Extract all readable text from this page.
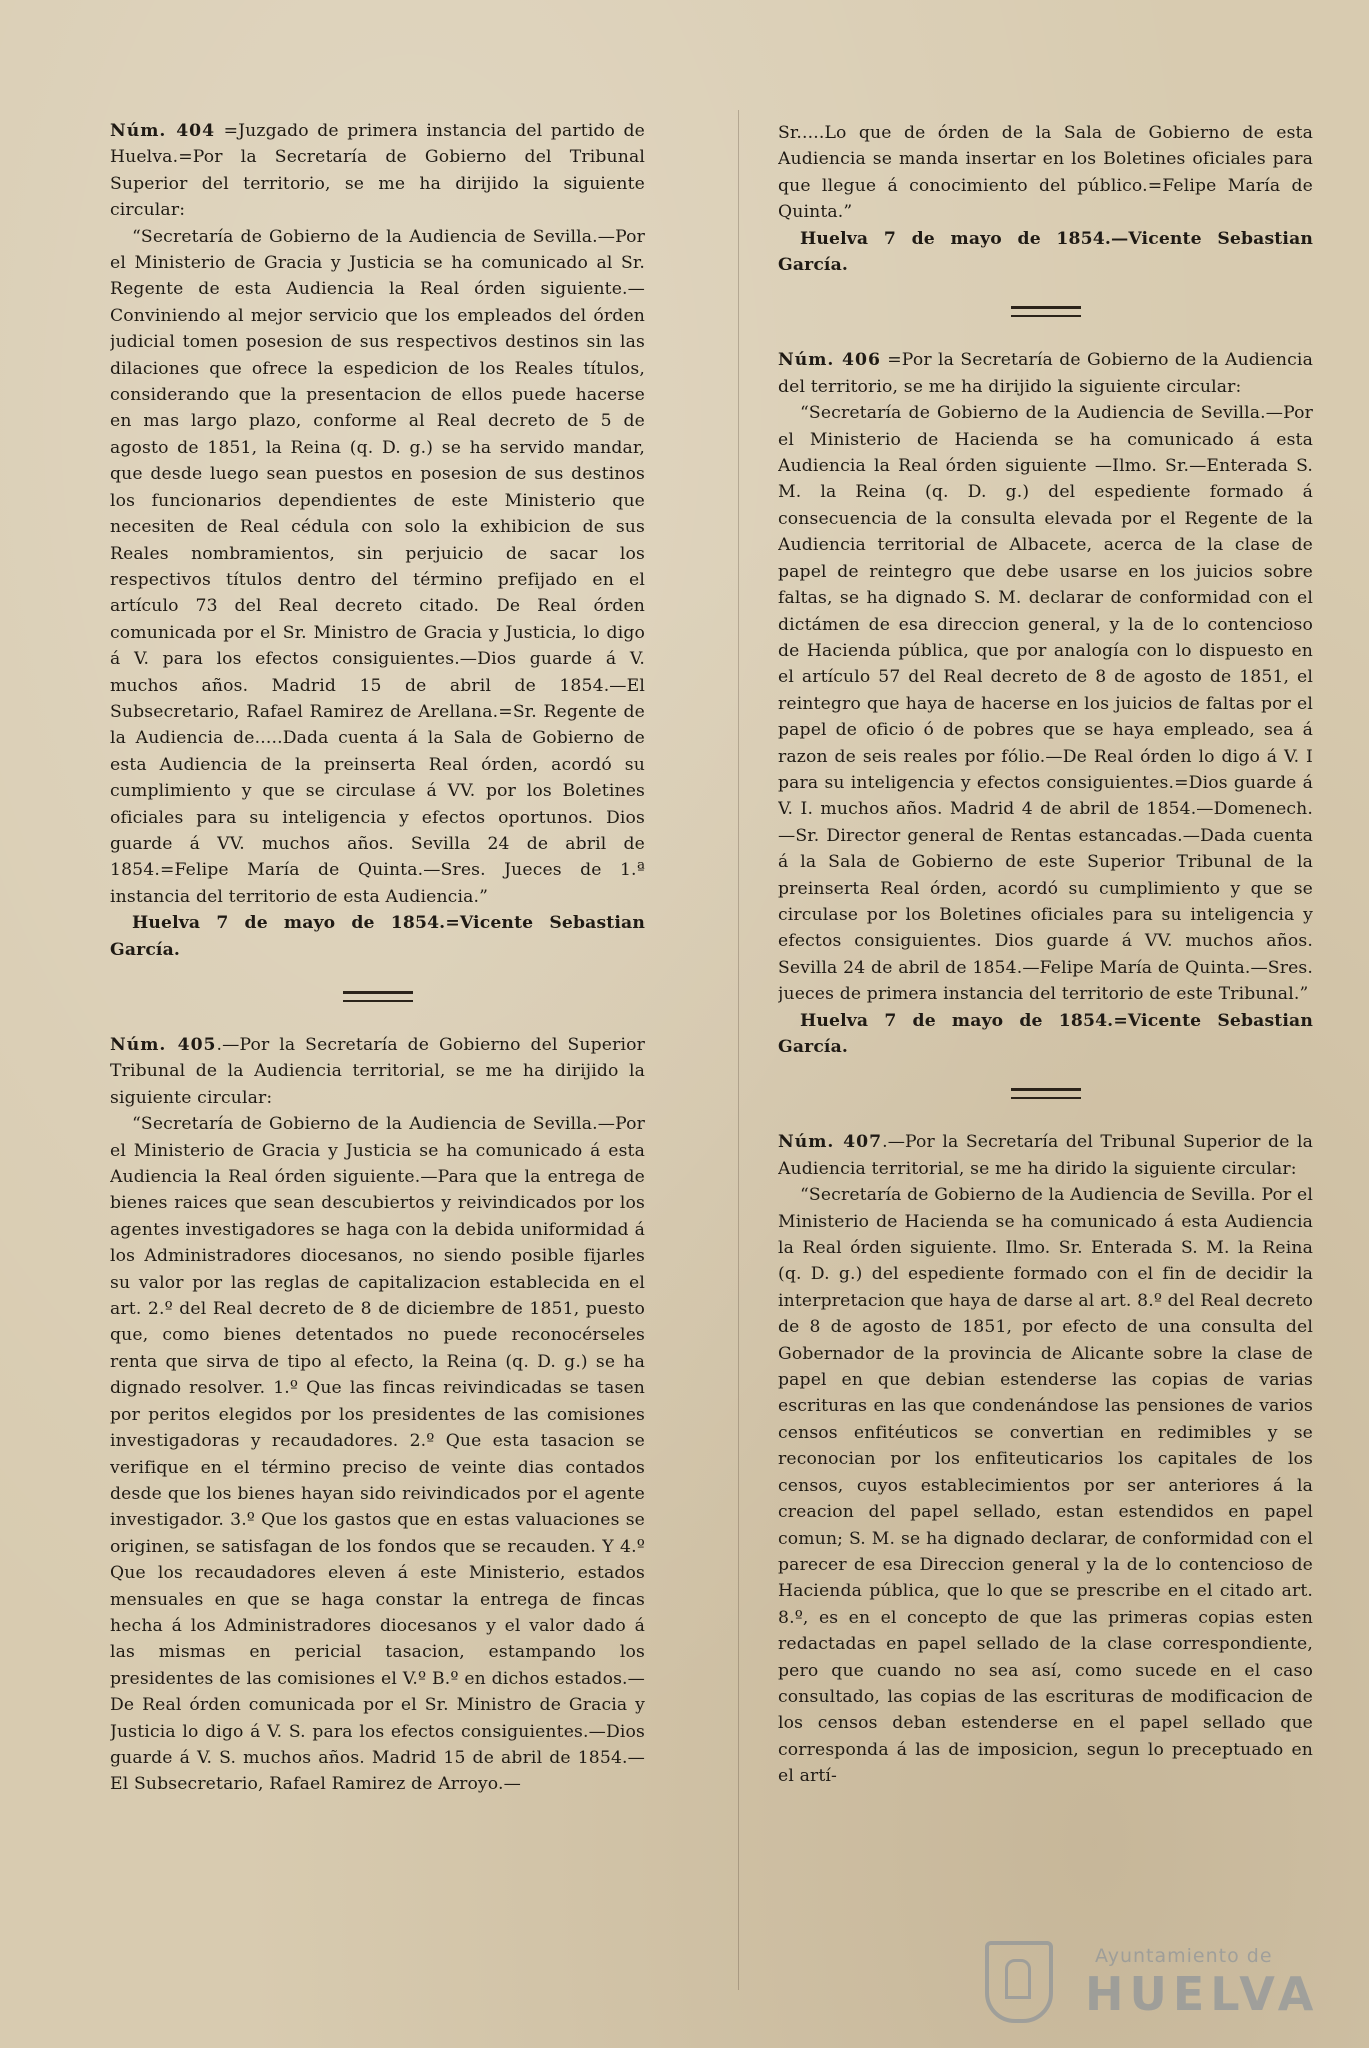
Núm. 404 =Juzgado de primera instancia del partido de Huelva.=Por la Secretaría de Gobierno del Tribunal Superior del territorio, se me ha dirijido la siguiente circular:

“Secretaría de Gobierno de la Audiencia de Sevilla.—Por el Ministerio de Gracia y Justicia se ha comunicado al Sr. Regente de esta Audiencia la Real órden siguiente.—Conviniendo al mejor servicio que los empleados del órden judicial tomen posesion de sus respectivos destinos sin las dilaciones que ofrece la espedicion de los Reales títulos, considerando que la presentacion de ellos puede hacerse en mas largo plazo, conforme al Real decreto de 5 de agosto de 1851, la Reina (q. D. g.) se ha servido mandar, que desde luego sean puestos en posesion de sus destinos los funcionarios dependientes de este Ministerio que necesiten de Real cédula con solo la exhibicion de sus Reales nombramientos, sin perjuicio de sacar los respectivos títulos dentro del término prefijado en el artículo 73 del Real decreto citado. De Real órden comunicada por el Sr. Ministro de Gracia y Justicia, lo digo á V. para los efectos consiguientes.—Dios guarde á V. muchos años. Madrid 15 de abril de 1854.—El Subsecretario, Rafael Ramirez de Arellana.=Sr. Regente de la Audiencia de.....Dada cuenta á la Sala de Gobierno de esta Audiencia de la preinserta Real órden, acordó su cumplimiento y que se circulase á VV. por los Boletines oficiales para su inteligencia y efectos oportunos. Dios guarde á VV. muchos años. Sevilla 24 de abril de 1854.=Felipe María de Quinta.—Sres. Jueces de 1.ª instancia del territorio de esta Audiencia.”

Huelva 7 de mayo de 1854.=Vicente Sebastian García.

Núm. 405.—Por la Secretaría de Gobierno del Superior Tribunal de la Audiencia territorial, se me ha dirijido la siguiente circular:

“Secretaría de Gobierno de la Audiencia de Sevilla.—Por el Ministerio de Gracia y Justicia se ha comunicado á esta Audiencia la Real órden siguiente.—Para que la entrega de bienes raices que sean descubiertos y reivindicados por los agentes investigadores se haga con la debida uniformidad á los Administradores diocesanos, no siendo posible fijarles su valor por las reglas de capitalizacion establecida en el art. 2.º del Real decreto de 8 de diciembre de 1851, puesto que, como bienes detentados no puede reconocérseles renta que sirva de tipo al efecto, la Reina (q. D. g.) se ha dignado resolver. 1.º Que las fincas reivindicadas se tasen por peritos elegidos por los presidentes de las comisiones investigadoras y recaudadores. 2.º Que esta tasacion se verifique en el término preciso de veinte dias contados desde que los bienes hayan sido reivindicados por el agente investigador. 3.º Que los gastos que en estas valuaciones se originen, se satisfagan de los fondos que se recauden. Y 4.º Que los recaudadores eleven á este Ministerio, estados mensuales en que se haga constar la entrega de fincas hecha á los Administradores diocesanos y el valor dado á las mismas en pericial tasacion, estampando los presidentes de las comisiones el V.º B.º en dichos estados.—De Real órden comunicada por el Sr. Ministro de Gracia y Justicia lo digo á V. S. para los efectos consiguientes.—Dios guarde á V. S. muchos años. Madrid 15 de abril de 1854.—El Subsecretario, Rafael Ramirez de Arroyo.—

Sr.....Lo que de órden de la Sala de Gobierno de esta Audiencia se manda insertar en los Boletines oficiales para que llegue á conocimiento del público.=Felipe María de Quinta.”

Huelva 7 de mayo de 1854.—Vicente Sebastian García.

Núm. 406 =Por la Secretaría de Gobierno de la Audiencia del territorio, se me ha dirijido la siguiente circular:

“Secretaría de Gobierno de la Audiencia de Sevilla.—Por el Ministerio de Hacienda se ha comunicado á esta Audiencia la Real órden siguiente —Ilmo. Sr.—Enterada S. M. la Reina (q. D. g.) del espediente formado á consecuencia de la consulta elevada por el Regente de la Audiencia territorial de Albacete, acerca de la clase de papel de reintegro que debe usarse en los juicios sobre faltas, se ha dignado S. M. declarar de conformidad con el dictámen de esa direccion general, y la de lo contencioso de Hacienda pública, que por analogía con lo dispuesto en el artículo 57 del Real decreto de 8 de agosto de 1851, el reintegro que haya de hacerse en los juicios de faltas por el papel de oficio ó de pobres que se haya empleado, sea á razon de seis reales por fólio.—De Real órden lo digo á V. I para su inteligencia y efectos consiguientes.=Dios guarde á V. I. muchos años. Madrid 4 de abril de 1854.—Domenech.—Sr. Director general de Rentas estancadas.—Dada cuenta á la Sala de Gobierno de este Superior Tribunal de la preinserta Real órden, acordó su cumplimiento y que se circulase por los Boletines oficiales para su inteligencia y efectos consiguientes. Dios guarde á VV. muchos años. Sevilla 24 de abril de 1854.—Felipe María de Quinta.—Sres. jueces de primera instancia del territorio de este Tribunal.”

Huelva 7 de mayo de 1854.=Vicente Sebastian García.

Núm. 407.—Por la Secretaría del Tribunal Superior de la Audiencia territorial, se me ha dirido la siguiente circular:

“Secretaría de Gobierno de la Audiencia de Sevilla. Por el Ministerio de Hacienda se ha comunicado á esta Audiencia la Real órden siguiente. Ilmo. Sr. Enterada S. M. la Reina (q. D. g.) del espediente formado con el fin de decidir la interpretacion que haya de darse al art. 8.º del Real decreto de 8 de agosto de 1851, por efecto de una consulta del Gobernador de la provincia de Alicante sobre la clase de papel en que debian estenderse las copias de varias escrituras en las que condenándose las pensiones de varios censos enfitéuticos se convertian en redimibles y se reconocian por los enfiteuticarios los capitales de los censos, cuyos establecimientos por ser anteriores á la creacion del papel sellado, estan estendidos en papel comun; S. M. se ha dignado declarar, de conformidad con el parecer de esa Direccion general y la de lo contencioso de Hacienda pública, que lo que se prescribe en el citado art. 8.º, es en el concepto de que las primeras copias esten redactadas en papel sellado de la clase correspondiente, pero que cuando no sea así, como sucede en el caso consultado, las copias de las escrituras de modificacion de los censos deban estenderse en el papel sellado que corresponda á las de imposicion, segun lo preceptuado en el artí-

Ayuntamiento de
HUELVA
